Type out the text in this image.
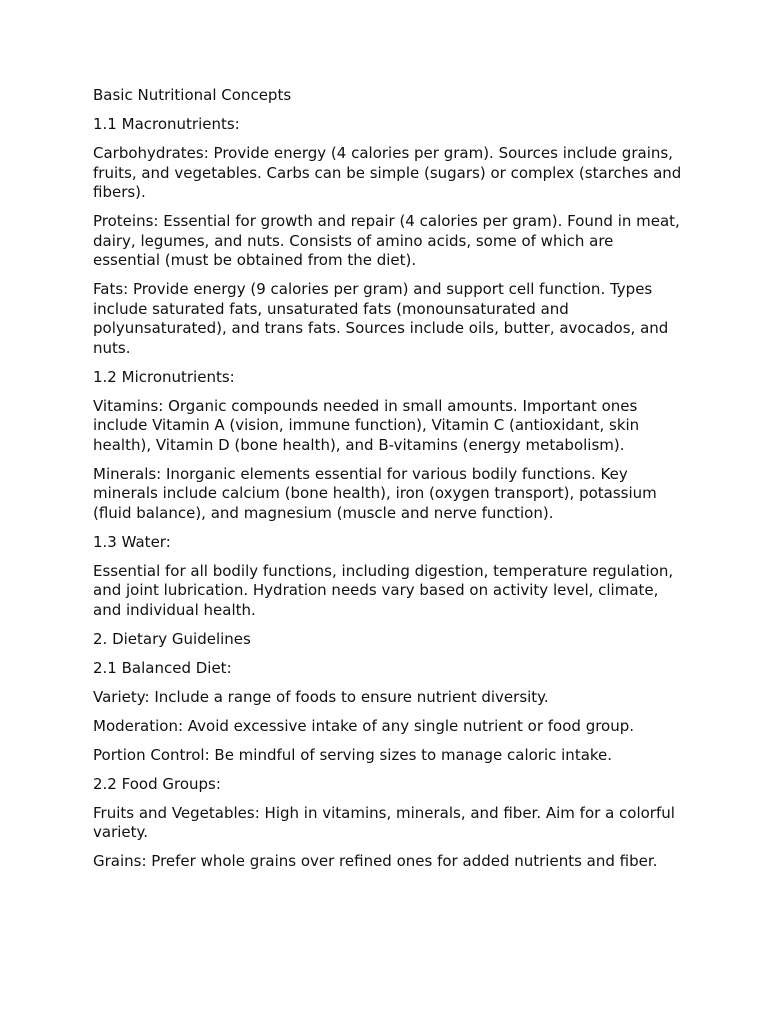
Basic Nutritional Concepts

1.1 Macronutrients:

Carbohydrates: Provide energy (4 calories per gram). Sources include grains, fruits, and vegetables. Carbs can be simple (sugars) or complex (starches and fibers).

Proteins: Essential for growth and repair (4 calories per gram). Found in meat, dairy, legumes, and nuts. Consists of amino acids, some of which are essential (must be obtained from the diet).

Fats: Provide energy (9 calories per gram) and support cell function. Types include saturated fats, unsaturated fats (monounsaturated and polyunsaturated), and trans fats. Sources include oils, butter, avocados, and nuts.

1.2 Micronutrients:

Vitamins: Organic compounds needed in small amounts. Important ones include Vitamin A (vision, immune function), Vitamin C (antioxidant, skin health), Vitamin D (bone health), and B-vitamins (energy metabolism).

Minerals: Inorganic elements essential for various bodily functions. Key minerals include calcium (bone health), iron (oxygen transport), potassium (fluid balance), and magnesium (muscle and nerve function).

1.3 Water:

Essential for all bodily functions, including digestion, temperature regulation, and joint lubrication. Hydration needs vary based on activity level, climate, and individual health.

2. Dietary Guidelines

2.1 Balanced Diet:

Variety: Include a range of foods to ensure nutrient diversity.

Moderation: Avoid excessive intake of any single nutrient or food group.

Portion Control: Be mindful of serving sizes to manage caloric intake.

2.2 Food Groups:

Fruits and Vegetables: High in vitamins, minerals, and fiber. Aim for a colorful variety.

Grains: Prefer whole grains over refined ones for added nutrients and fiber.
